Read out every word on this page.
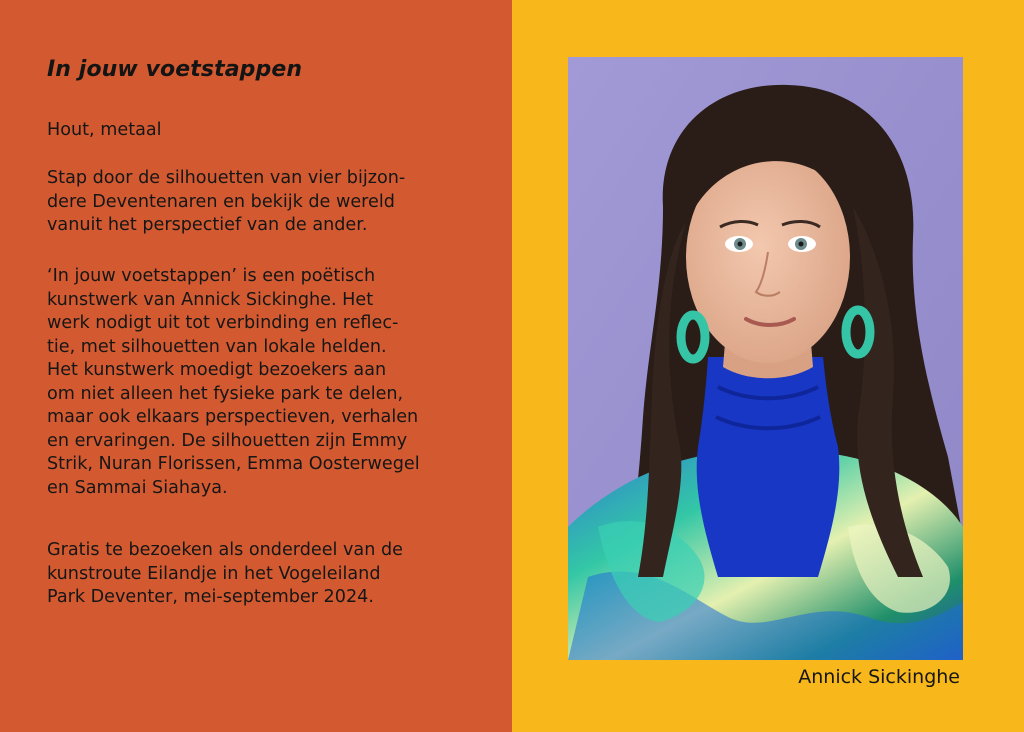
In jouw voetstappen
Hout, metaal
Stap door de silhouetten van vier bijzon-
dere Deventenaren en bekijk de wereld
vanuit het perspectief van de ander.
‘In jouw voetstappen’ is een poëtisch
kunstwerk van Annick Sickinghe. Het
werk nodigt uit tot verbinding en reflec-
tie, met silhouetten van lokale helden.
Het kunstwerk moedigt bezoekers aan
om niet alleen het fysieke park te delen,
maar ook elkaars perspectieven, verhalen
en ervaringen. De silhouetten zijn Emmy
Strik, Nuran Florissen, Emma Oosterwegel
en Sammai Siahaya.
Gratis te bezoeken als onderdeel van de
kunstroute Eilandje in het Vogeleiland
Park Deventer, mei-september 2024.
Annick Sickinghe
